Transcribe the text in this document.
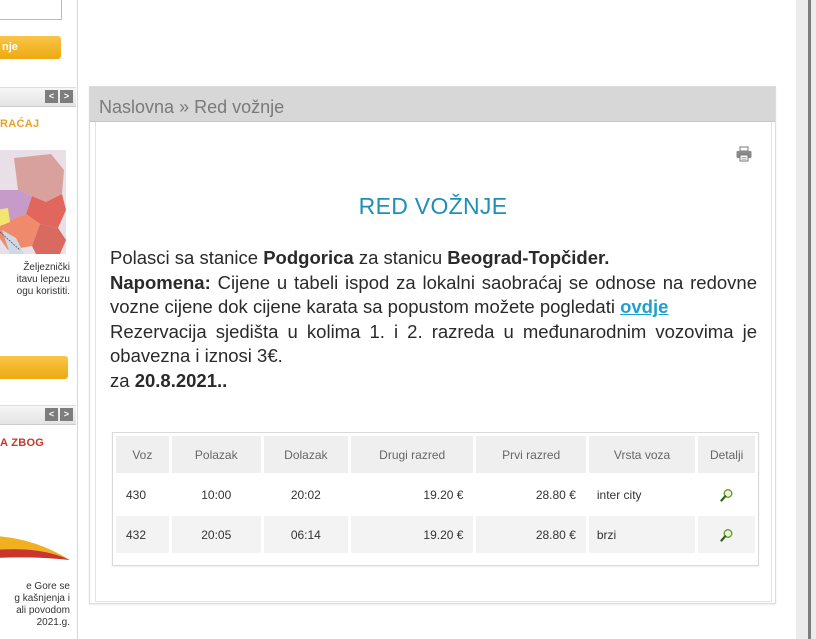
nje
<	>
RAĆAJ
Željeznički
itavu lepezu
ogu koristiti.
<	>
A ZBOG
e Gore se
g kašnjenja i
ali povodom
2021.g.
Naslovna » Red vožnje
RED VOŽNJE

Polasci sa stanice Podgorica za stanicu Beograd-Topčider.

Napomena: Cijene u tabeli ispod za lokalni saobraćaj se odnose na redovne vozne cijene dok cijene karata sa popustom možete pogledati ovdje

Rezervacija sjedišta u kolima 1. i 2. razreda u međunarodnim vozovima je obavezna i iznosi 3€.

za 20.8.2021..

Voz	Polazak	Dolazak	Drugi razred	Prvi razred	Vrsta voza	Detalji
430	10:00	20:02	19.20 €	28.80 €	inter city	
432	20:05	06:14	19.20 €	28.80 €	brzi	
